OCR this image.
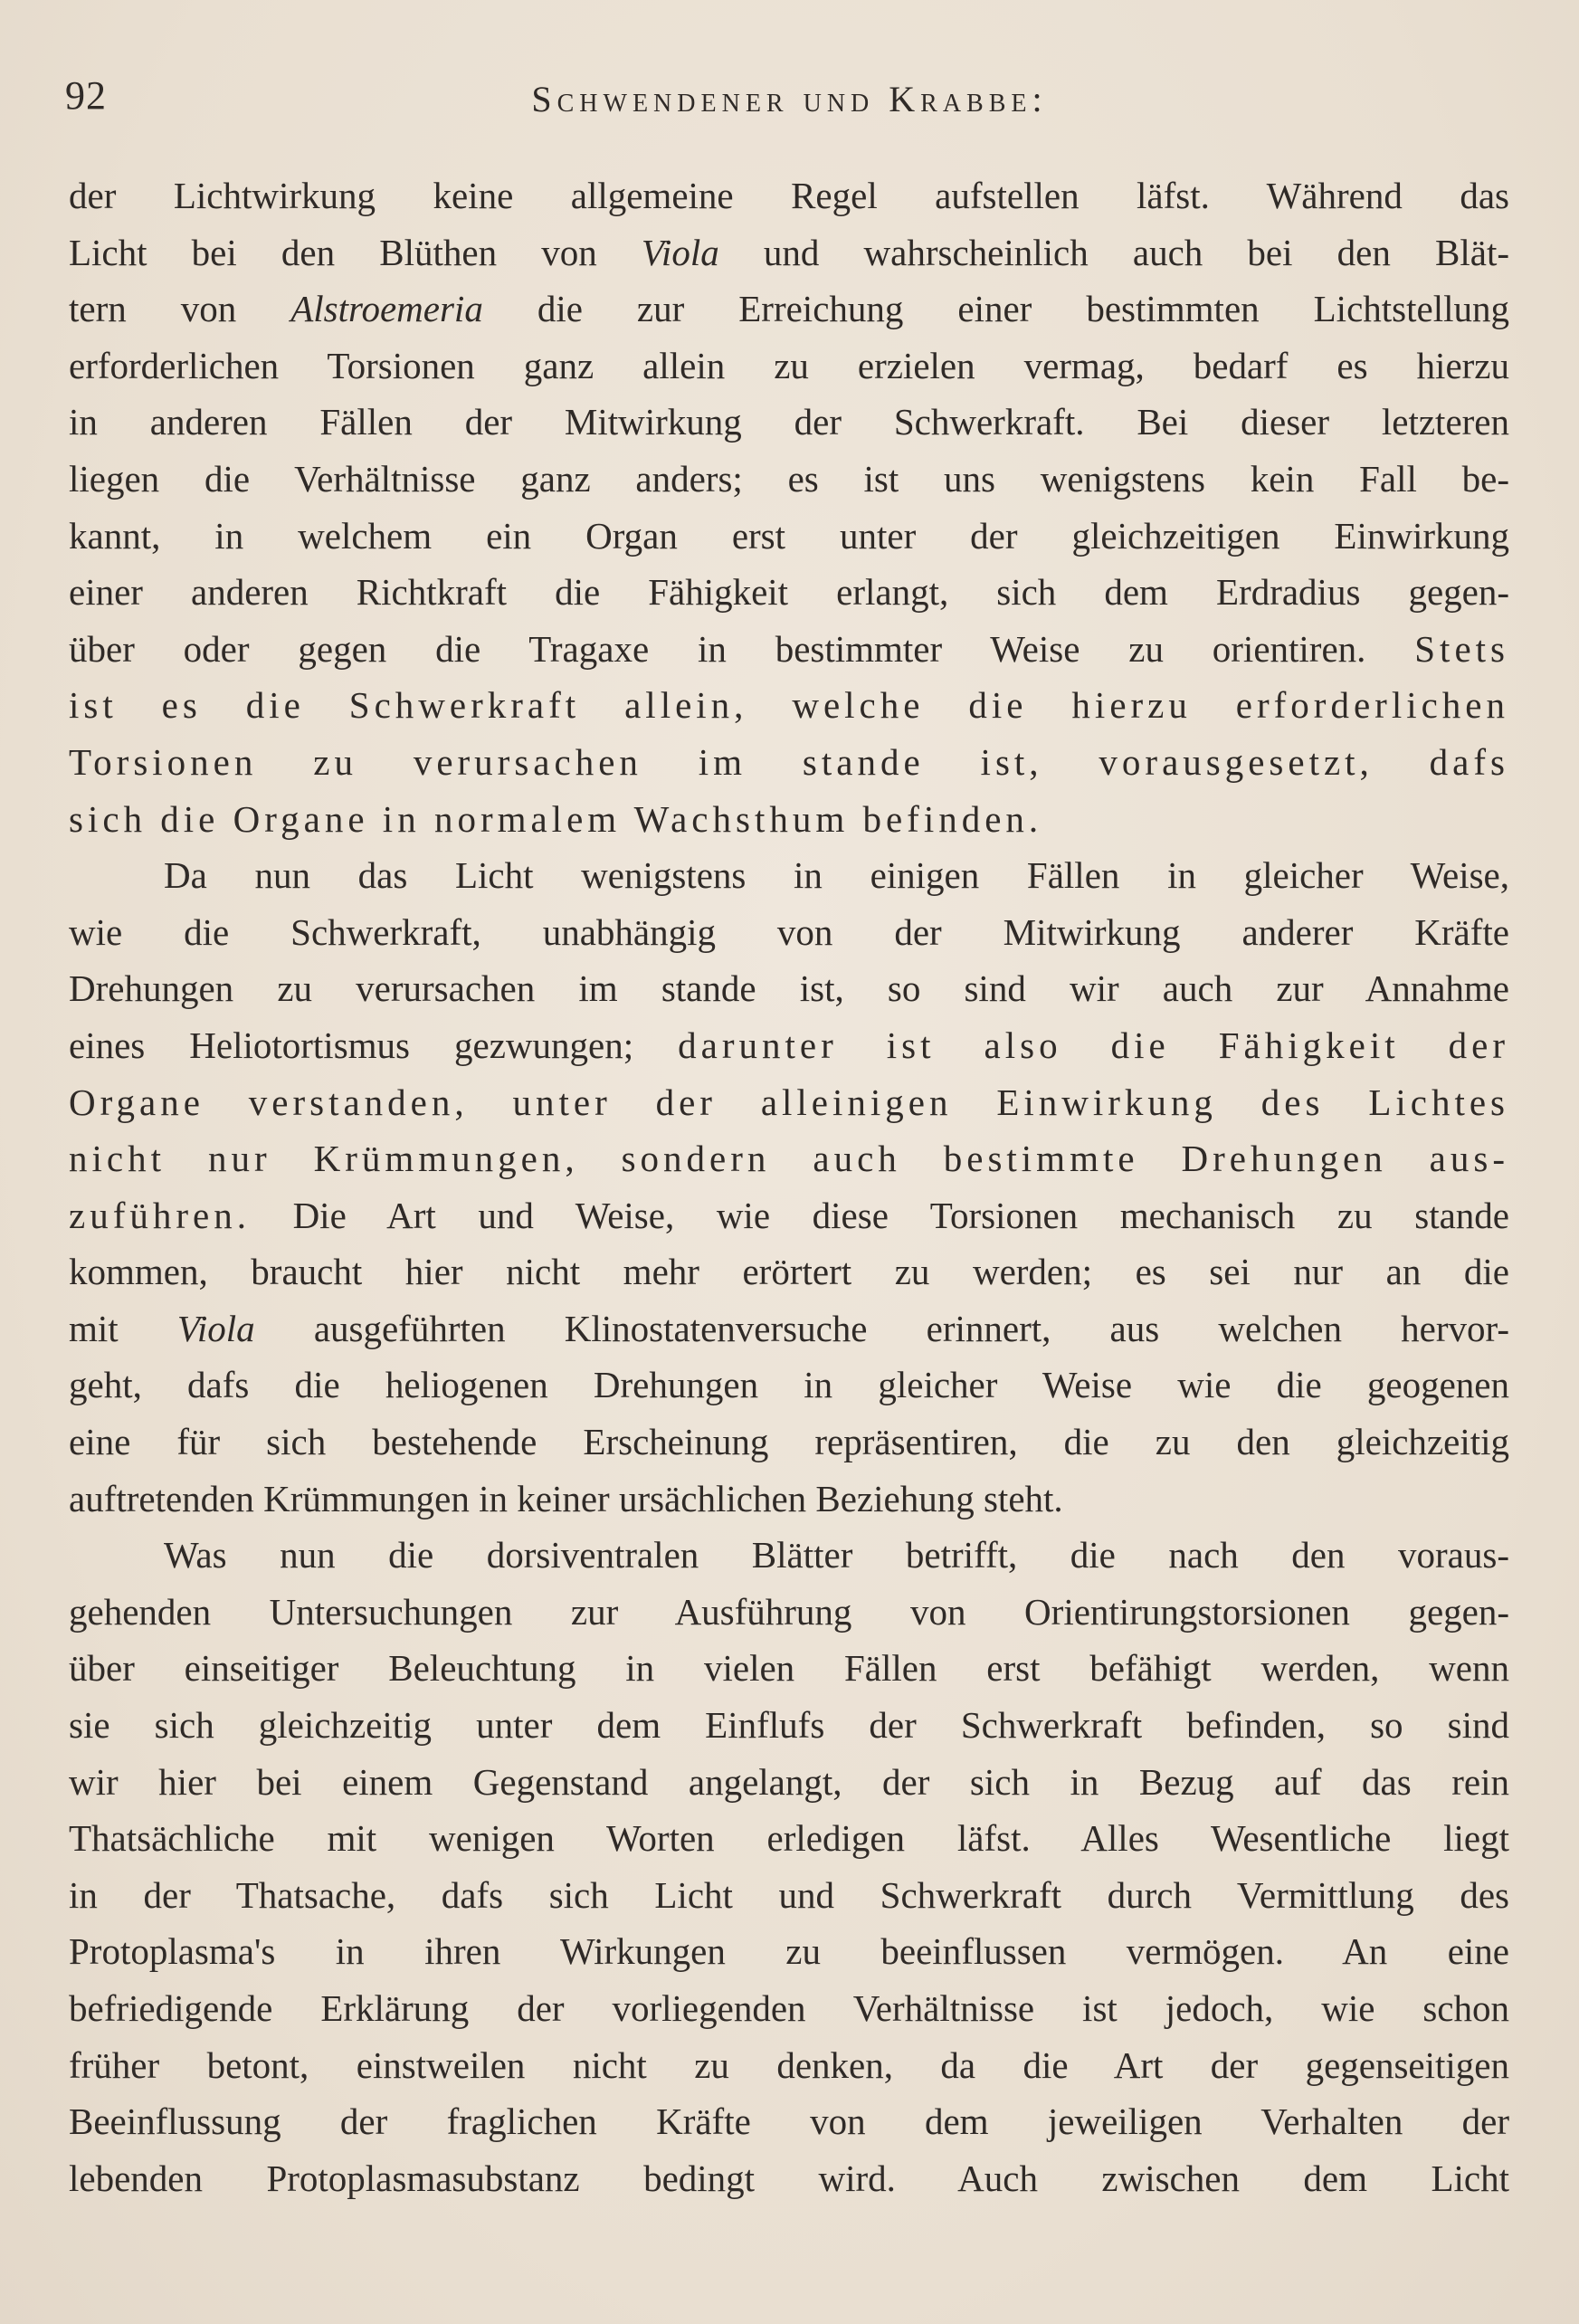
92	Schwendener und Krabbe:
der Lichtwirkung keine allgemeine Regel aufstellen läfst. Während das
Licht bei den Blüthen von Viola und wahrscheinlich auch bei den Blät-
tern von Alstroemeria die zur Erreichung einer bestimmten Lichtstellung
erforderlichen Torsionen ganz allein zu erzielen vermag, bedarf es hierzu
in anderen Fällen der Mitwirkung der Schwerkraft. Bei dieser letzteren
liegen die Verhältnisse ganz anders; es ist uns wenigstens kein Fall be-
kannt, in welchem ein Organ erst unter der gleichzeitigen Einwirkung
einer anderen Richtkraft die Fähigkeit erlangt, sich dem Erdradius gegen-
über oder gegen die Tragaxe in bestimmter Weise zu orientiren. Stets
ist es die Schwerkraft allein, welche die hierzu erforderlichen
Torsionen zu verursachen im stande ist, vorausgesetzt, dafs
sich die Organe in normalem Wachsthum befinden.
Da nun das Licht wenigstens in einigen Fällen in gleicher Weise,
wie die Schwerkraft, unabhängig von der Mitwirkung anderer Kräfte
Drehungen zu verursachen im stande ist, so sind wir auch zur Annahme
eines Heliotortismus gezwungen; darunter ist also die Fähigkeit der
Organe verstanden, unter der alleinigen Einwirkung des Lichtes
nicht nur Krümmungen, sondern auch bestimmte Drehungen aus-
zuführen. Die Art und Weise, wie diese Torsionen mechanisch zu stande
kommen, braucht hier nicht mehr erörtert zu werden; es sei nur an die
mit Viola ausgeführten Klinostatenversuche erinnert, aus welchen hervor-
geht, dafs die heliogenen Drehungen in gleicher Weise wie die geogenen
eine für sich bestehende Erscheinung repräsentiren, die zu den gleichzeitig
auftretenden Krümmungen in keiner ursächlichen Beziehung steht.
Was nun die dorsiventralen Blätter betrifft, die nach den voraus-
gehenden Untersuchungen zur Ausführung von Orientirungstorsionen gegen-
über einseitiger Beleuchtung in vielen Fällen erst befähigt werden, wenn
sie sich gleichzeitig unter dem Einflufs der Schwerkraft befinden, so sind
wir hier bei einem Gegenstand angelangt, der sich in Bezug auf das rein
Thatsächliche mit wenigen Worten erledigen läfst. Alles Wesentliche liegt
in der Thatsache, dafs sich Licht und Schwerkraft durch Vermittlung des
Protoplasma's in ihren Wirkungen zu beeinflussen vermögen. An eine
befriedigende Erklärung der vorliegenden Verhältnisse ist jedoch, wie schon
früher betont, einstweilen nicht zu denken, da die Art der gegenseitigen
Beeinflussung der fraglichen Kräfte von dem jeweiligen Verhalten der
lebenden Protoplasmasubstanz bedingt wird. Auch zwischen dem Licht
